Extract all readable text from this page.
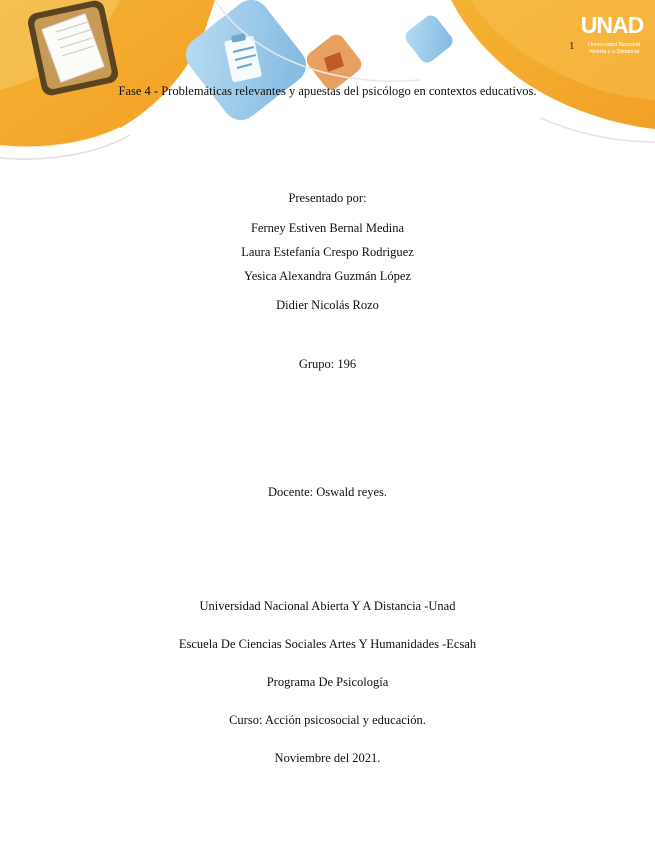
UNAD
Universidad Nacional
Abierta y a Distancia
1
Fase 4 - Problemáticas relevantes y apuestas del psicólogo en contextos educativos.
Presentado por:
Ferney Estiven Bernal Medina
Laura Estefanía Crespo Rodriguez
Yesica Alexandra Guzmán López
Didier Nicolás Rozo
Grupo: 196
Docente: Oswald reyes.
Universidad Nacional Abierta Y A Distancia -Unad
Escuela De Ciencias Sociales Artes Y Humanidades -Ecsah
Programa De Psicología
Curso: Acción psicosocial y educación.
Noviembre del 2021.
